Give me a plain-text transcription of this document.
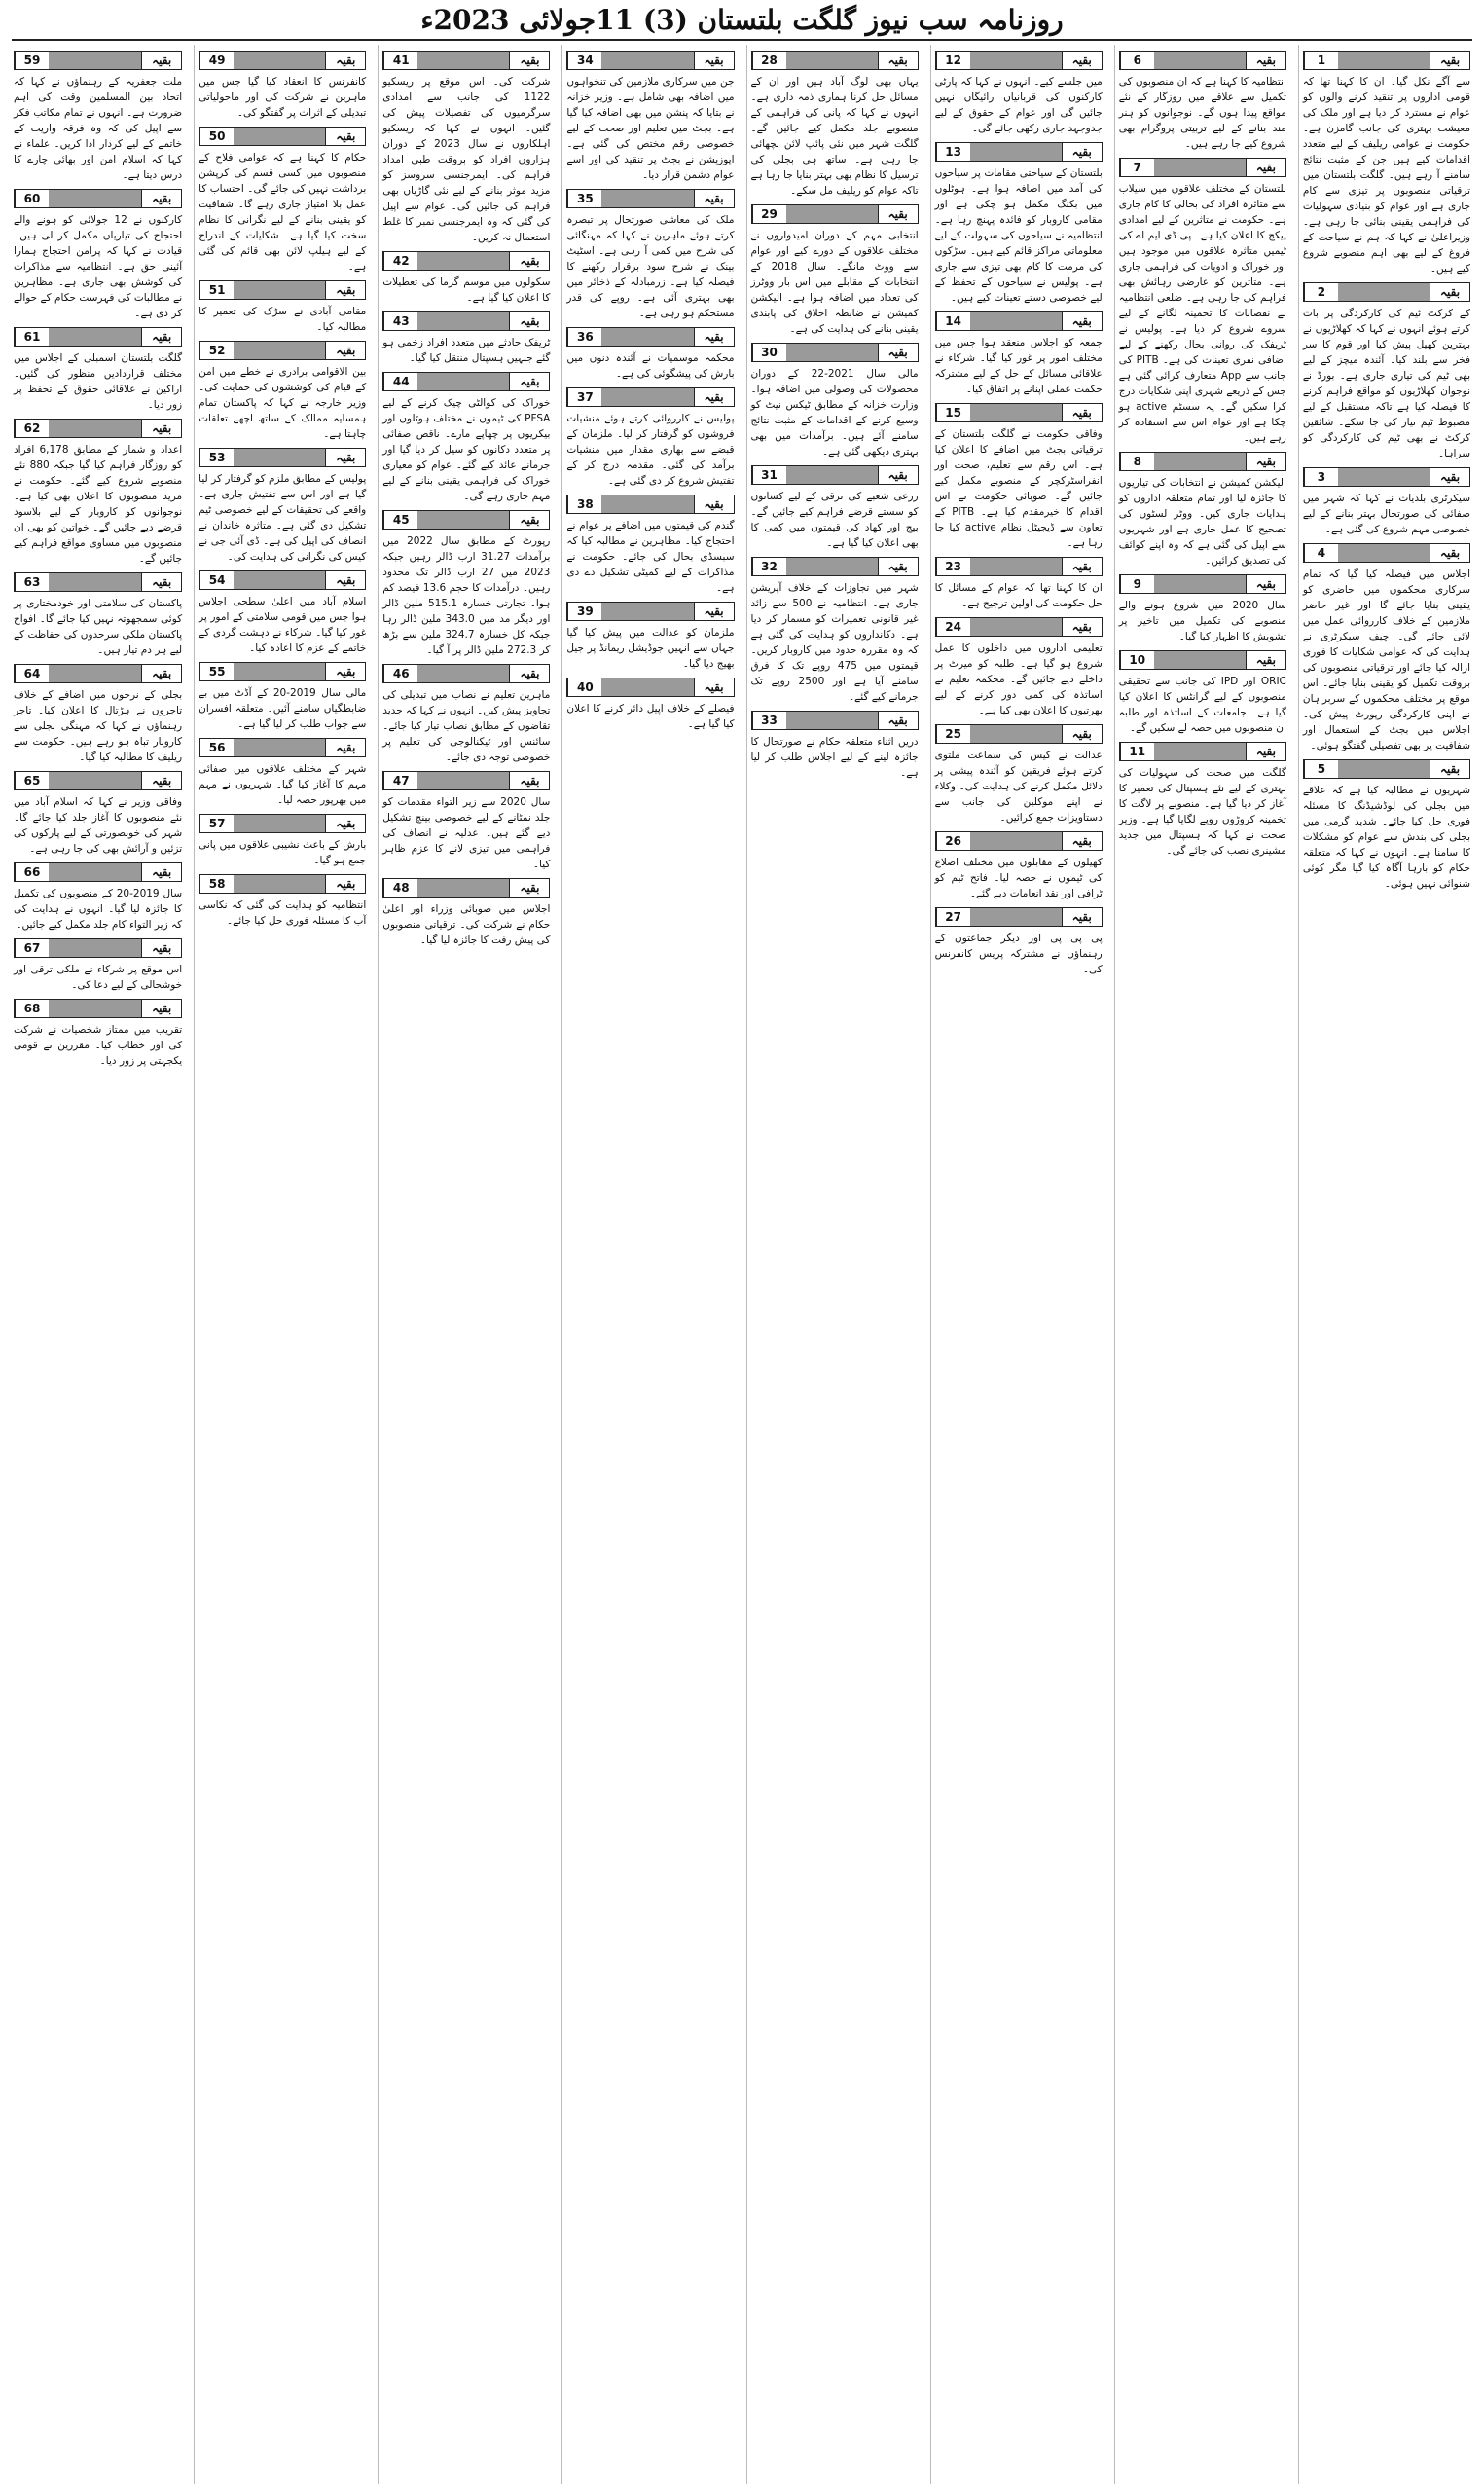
روزنامہ سب نیوز گلگت بلتستان (3) 11جولائی 2023ء
بقیہ
1
سے آگے نکل گیا۔ ان کا کہنا تھا کہ قومی اداروں پر تنقید کرنے والوں کو عوام نے مسترد کر دیا ہے اور ملک کی معیشت بہتری کی جانب گامزن ہے۔ حکومت نے عوامی ریلیف کے لیے متعدد اقدامات کیے ہیں جن کے مثبت نتائج سامنے آ رہے ہیں۔ گلگت بلتستان میں ترقیاتی منصوبوں پر تیزی سے کام جاری ہے اور عوام کو بنیادی سہولیات کی فراہمی یقینی بنائی جا رہی ہے۔ وزیراعلیٰ نے کہا کہ ہم نے سیاحت کے فروغ کے لیے بھی اہم منصوبے شروع کیے ہیں۔
بقیہ
2
کے کرکٹ ٹیم کی کارکردگی پر بات کرتے ہوئے انہوں نے کہا کہ کھلاڑیوں نے بہترین کھیل پیش کیا اور قوم کا سر فخر سے بلند کیا۔ آئندہ میچز کے لیے بھی ٹیم کی تیاری جاری ہے۔ بورڈ نے نوجوان کھلاڑیوں کو مواقع فراہم کرنے کا فیصلہ کیا ہے تاکہ مستقبل کے لیے مضبوط ٹیم تیار کی جا سکے۔ شائقین کرکٹ نے بھی ٹیم کی کارکردگی کو سراہا۔
بقیہ
3
سیکرٹری بلدیات نے کہا کہ شہر میں صفائی کی صورتحال بہتر بنانے کے لیے خصوصی مہم شروع کی گئی ہے۔
بقیہ
4
اجلاس میں فیصلہ کیا گیا کہ تمام سرکاری محکموں میں حاضری کو یقینی بنایا جائے گا اور غیر حاضر ملازمین کے خلاف کارروائی عمل میں لائی جائے گی۔ چیف سیکرٹری نے ہدایت کی کہ عوامی شکایات کا فوری ازالہ کیا جائے اور ترقیاتی منصوبوں کی بروقت تکمیل کو یقینی بنایا جائے۔ اس موقع پر مختلف محکموں کے سربراہان نے اپنی کارکردگی رپورٹ پیش کی۔ اجلاس میں بجٹ کے استعمال اور شفافیت پر بھی تفصیلی گفتگو ہوئی۔
بقیہ
5
شہریوں نے مطالبہ کیا ہے کہ علاقے میں بجلی کی لوڈشیڈنگ کا مسئلہ فوری حل کیا جائے۔ شدید گرمی میں بجلی کی بندش سے عوام کو مشکلات کا سامنا ہے۔ انہوں نے کہا کہ متعلقہ حکام کو بارہا آگاہ کیا گیا مگر کوئی شنوائی نہیں ہوئی۔
بقیہ
6
انتظامیہ کا کہنا ہے کہ ان منصوبوں کی تکمیل سے علاقے میں روزگار کے نئے مواقع پیدا ہوں گے۔ نوجوانوں کو ہنر مند بنانے کے لیے تربیتی پروگرام بھی شروع کیے جا رہے ہیں۔
بقیہ
7
بلتستان کے مختلف علاقوں میں سیلاب سے متاثرہ افراد کی بحالی کا کام جاری ہے۔ حکومت نے متاثرین کے لیے امدادی پیکج کا اعلان کیا ہے۔ پی ڈی ایم اے کی ٹیمیں متاثرہ علاقوں میں موجود ہیں اور خوراک و ادویات کی فراہمی جاری ہے۔ متاثرین کو عارضی رہائش بھی فراہم کی جا رہی ہے۔ ضلعی انتظامیہ نے نقصانات کا تخمینہ لگانے کے لیے سروے شروع کر دیا ہے۔ پولیس نے ٹریفک کی روانی بحال رکھنے کے لیے اضافی نفری تعینات کی ہے۔ PITB کی جانب سے App متعارف کرائی گئی ہے جس کے ذریعے شہری اپنی شکایات درج کرا سکیں گے۔ یہ سسٹم active ہو چکا ہے اور عوام اس سے استفادہ کر رہے ہیں۔
بقیہ
8
الیکشن کمیشن نے انتخابات کی تیاریوں کا جائزہ لیا اور تمام متعلقہ اداروں کو ہدایات جاری کیں۔ ووٹر لسٹوں کی تصحیح کا عمل جاری ہے اور شہریوں سے اپیل کی گئی ہے کہ وہ اپنے کوائف کی تصدیق کرائیں۔
بقیہ
9
سال 2020 میں شروع ہونے والے منصوبے کی تکمیل میں تاخیر پر تشویش کا اظہار کیا گیا۔
بقیہ
10
ORIC اور IPD کی جانب سے تحقیقی منصوبوں کے لیے گرانٹس کا اعلان کیا گیا ہے۔ جامعات کے اساتذہ اور طلبہ ان منصوبوں میں حصہ لے سکیں گے۔
بقیہ
11
گلگت میں صحت کی سہولیات کی بہتری کے لیے نئے ہسپتال کی تعمیر کا آغاز کر دیا گیا ہے۔ منصوبے پر لاگت کا تخمینہ کروڑوں روپے لگایا گیا ہے۔ وزیر صحت نے کہا کہ ہسپتال میں جدید مشینری نصب کی جائے گی۔
بقیہ
12
میں جلسے کیے۔ انہوں نے کہا کہ پارٹی کارکنوں کی قربانیاں رائیگاں نہیں جائیں گی اور عوام کے حقوق کے لیے جدوجہد جاری رکھی جائے گی۔
بقیہ
13
بلتستان کے سیاحتی مقامات پر سیاحوں کی آمد میں اضافہ ہوا ہے۔ ہوٹلوں میں بکنگ مکمل ہو چکی ہے اور مقامی کاروبار کو فائدہ پہنچ رہا ہے۔ انتظامیہ نے سیاحوں کی سہولت کے لیے معلوماتی مراکز قائم کیے ہیں۔ سڑکوں کی مرمت کا کام بھی تیزی سے جاری ہے۔ پولیس نے سیاحوں کے تحفظ کے لیے خصوصی دستے تعینات کیے ہیں۔
بقیہ
14
جمعہ کو اجلاس منعقد ہوا جس میں مختلف امور پر غور کیا گیا۔ شرکاء نے علاقائی مسائل کے حل کے لیے مشترکہ حکمت عملی اپنانے پر اتفاق کیا۔
بقیہ
15
وفاقی حکومت نے گلگت بلتستان کے ترقیاتی بجٹ میں اضافے کا اعلان کیا ہے۔ اس رقم سے تعلیم، صحت اور انفراسٹرکچر کے منصوبے مکمل کیے جائیں گے۔ صوبائی حکومت نے اس اقدام کا خیرمقدم کیا ہے۔ PITB کے تعاون سے ڈیجیٹل نظام active کیا جا رہا ہے۔
بقیہ
23
ان کا کہنا تھا کہ عوام کے مسائل کا حل حکومت کی اولین ترجیح ہے۔
بقیہ
24
تعلیمی اداروں میں داخلوں کا عمل شروع ہو گیا ہے۔ طلبہ کو میرٹ پر داخلے دیے جائیں گے۔ محکمہ تعلیم نے اساتذہ کی کمی دور کرنے کے لیے بھرتیوں کا اعلان بھی کیا ہے۔
بقیہ
25
عدالت نے کیس کی سماعت ملتوی کرتے ہوئے فریقین کو آئندہ پیشی پر دلائل مکمل کرنے کی ہدایت کی۔ وکلاء نے اپنے موکلین کی جانب سے دستاویزات جمع کرائیں۔
بقیہ
26
کھیلوں کے مقابلوں میں مختلف اضلاع کی ٹیموں نے حصہ لیا۔ فاتح ٹیم کو ٹرافی اور نقد انعامات دیے گئے۔
بقیہ
27
پی پی پی اور دیگر جماعتوں کے رہنماؤں نے مشترکہ پریس کانفرنس کی۔
بقیہ
28
یہاں بھی لوگ آباد ہیں اور ان کے مسائل حل کرنا ہماری ذمہ داری ہے۔ انہوں نے کہا کہ پانی کی فراہمی کے منصوبے جلد مکمل کیے جائیں گے۔ گلگت شہر میں نئی پائپ لائن بچھائی جا رہی ہے۔ ساتھ ہی بجلی کی ترسیل کا نظام بھی بہتر بنایا جا رہا ہے تاکہ عوام کو ریلیف مل سکے۔
بقیہ
29
انتخابی مہم کے دوران امیدواروں نے مختلف علاقوں کے دورے کیے اور عوام سے ووٹ مانگے۔ سال 2018 کے انتخابات کے مقابلے میں اس بار ووٹرز کی تعداد میں اضافہ ہوا ہے۔ الیکشن کمیشن نے ضابطہ اخلاق کی پابندی یقینی بنانے کی ہدایت کی ہے۔
بقیہ
30
مالی سال 2021-22 کے دوران محصولات کی وصولی میں اضافہ ہوا۔ وزارت خزانہ کے مطابق ٹیکس نیٹ کو وسیع کرنے کے اقدامات کے مثبت نتائج سامنے آئے ہیں۔ برآمدات میں بھی بہتری دیکھی گئی ہے۔
بقیہ
31
زرعی شعبے کی ترقی کے لیے کسانوں کو سستے قرضے فراہم کیے جائیں گے۔ بیج اور کھاد کی قیمتوں میں کمی کا بھی اعلان کیا گیا ہے۔
بقیہ
32
شہر میں تجاوزات کے خلاف آپریشن جاری ہے۔ انتظامیہ نے 500 سے زائد غیر قانونی تعمیرات کو مسمار کر دیا ہے۔ دکانداروں کو ہدایت کی گئی ہے کہ وہ مقررہ حدود میں کاروبار کریں۔ قیمتوں میں 475 روپے تک کا فرق سامنے آیا ہے اور 2500 روپے تک جرمانے کیے گئے۔
بقیہ
33
دریں اثناء متعلقہ حکام نے صورتحال کا جائزہ لینے کے لیے اجلاس طلب کر لیا ہے۔
بقیہ
34
جن میں سرکاری ملازمین کی تنخواہوں میں اضافہ بھی شامل ہے۔ وزیر خزانہ نے بتایا کہ پنشن میں بھی اضافہ کیا گیا ہے۔ بجٹ میں تعلیم اور صحت کے لیے خصوصی رقم مختص کی گئی ہے۔ اپوزیشن نے بجٹ پر تنقید کی اور اسے عوام دشمن قرار دیا۔
بقیہ
35
ملک کی معاشی صورتحال پر تبصرہ کرتے ہوئے ماہرین نے کہا کہ مہنگائی کی شرح میں کمی آ رہی ہے۔ اسٹیٹ بینک نے شرح سود برقرار رکھنے کا فیصلہ کیا ہے۔ زرمبادلہ کے ذخائر میں بھی بہتری آئی ہے۔ روپے کی قدر مستحکم ہو رہی ہے۔
بقیہ
36
محکمہ موسمیات نے آئندہ دنوں میں بارش کی پیشگوئی کی ہے۔
بقیہ
37
پولیس نے کارروائی کرتے ہوئے منشیات فروشوں کو گرفتار کر لیا۔ ملزمان کے قبضے سے بھاری مقدار میں منشیات برآمد کی گئی۔ مقدمہ درج کر کے تفتیش شروع کر دی گئی ہے۔
بقیہ
38
گندم کی قیمتوں میں اضافے پر عوام نے احتجاج کیا۔ مظاہرین نے مطالبہ کیا کہ سبسڈی بحال کی جائے۔ حکومت نے مذاکرات کے لیے کمیٹی تشکیل دے دی ہے۔
بقیہ
39
ملزمان کو عدالت میں پیش کیا گیا جہاں سے انہیں جوڈیشل ریمانڈ پر جیل بھیج دیا گیا۔
بقیہ
40
فیصلے کے خلاف اپیل دائر کرنے کا اعلان کیا گیا ہے۔
بقیہ
41
شرکت کی۔ اس موقع پر ریسکیو 1122 کی جانب سے امدادی سرگرمیوں کی تفصیلات پیش کی گئیں۔ انہوں نے کہا کہ ریسکیو اہلکاروں نے سال 2023 کے دوران ہزاروں افراد کو بروقت طبی امداد فراہم کی۔ ایمرجنسی سروسز کو مزید موثر بنانے کے لیے نئی گاڑیاں بھی فراہم کی جائیں گی۔ عوام سے اپیل کی گئی کہ وہ ایمرجنسی نمبر کا غلط استعمال نہ کریں۔
بقیہ
42
سکولوں میں موسم گرما کی تعطیلات کا اعلان کیا گیا ہے۔
بقیہ
43
ٹریفک حادثے میں متعدد افراد زخمی ہو گئے جنہیں ہسپتال منتقل کیا گیا۔
بقیہ
44
خوراک کی کوالٹی چیک کرنے کے لیے PFSA کی ٹیموں نے مختلف ہوٹلوں اور بیکریوں پر چھاپے مارے۔ ناقص صفائی پر متعدد دکانوں کو سیل کر دیا گیا اور جرمانے عائد کیے گئے۔ عوام کو معیاری خوراک کی فراہمی یقینی بنانے کے لیے مہم جاری رہے گی۔
بقیہ
45
رپورٹ کے مطابق سال 2022 میں برآمدات 31.27 ارب ڈالر رہیں جبکہ 2023 میں 27 ارب ڈالر تک محدود رہیں۔ درآمدات کا حجم 13.6 فیصد کم ہوا۔ تجارتی خسارہ 515.1 ملین ڈالر اور دیگر مد میں 343.0 ملین ڈالر رہا جبکہ کل خسارہ 324.7 ملین سے بڑھ کر 272.3 ملین ڈالر پر آ گیا۔
بقیہ
46
ماہرین تعلیم نے نصاب میں تبدیلی کی تجاویز پیش کیں۔ انہوں نے کہا کہ جدید تقاضوں کے مطابق نصاب تیار کیا جائے۔ سائنس اور ٹیکنالوجی کی تعلیم پر خصوصی توجہ دی جائے۔
بقیہ
47
سال 2020 سے زیر التواء مقدمات کو جلد نمٹانے کے لیے خصوصی بینچ تشکیل دیے گئے ہیں۔ عدلیہ نے انصاف کی فراہمی میں تیزی لانے کا عزم ظاہر کیا۔
بقیہ
48
اجلاس میں صوبائی وزراء اور اعلیٰ حکام نے شرکت کی۔ ترقیاتی منصوبوں کی پیش رفت کا جائزہ لیا گیا۔
بقیہ
49
کانفرنس کا انعقاد کیا گیا جس میں ماہرین نے شرکت کی اور ماحولیاتی تبدیلی کے اثرات پر گفتگو کی۔
بقیہ
50
حکام کا کہنا ہے کہ عوامی فلاح کے منصوبوں میں کسی قسم کی کرپشن برداشت نہیں کی جائے گی۔ احتساب کا عمل بلا امتیاز جاری رہے گا۔ شفافیت کو یقینی بنانے کے لیے نگرانی کا نظام سخت کیا گیا ہے۔ شکایات کے اندراج کے لیے ہیلپ لائن بھی قائم کی گئی ہے۔
بقیہ
51
مقامی آبادی نے سڑک کی تعمیر کا مطالبہ کیا۔
بقیہ
52
بین الاقوامی برادری نے خطے میں امن کے قیام کی کوششوں کی حمایت کی۔ وزیر خارجہ نے کہا کہ پاکستان تمام ہمسایہ ممالک کے ساتھ اچھے تعلقات چاہتا ہے۔
بقیہ
53
پولیس کے مطابق ملزم کو گرفتار کر لیا گیا ہے اور اس سے تفتیش جاری ہے۔ واقعے کی تحقیقات کے لیے خصوصی ٹیم تشکیل دی گئی ہے۔ متاثرہ خاندان نے انصاف کی اپیل کی ہے۔ ڈی آئی جی نے کیس کی نگرانی کی ہدایت کی۔
بقیہ
54
اسلام آباد میں اعلیٰ سطحی اجلاس ہوا جس میں قومی سلامتی کے امور پر غور کیا گیا۔ شرکاء نے دہشت گردی کے خاتمے کے عزم کا اعادہ کیا۔
بقیہ
55
مالی سال 2019-20 کے آڈٹ میں بے ضابطگیاں سامنے آئیں۔ متعلقہ افسران سے جواب طلب کر لیا گیا ہے۔
بقیہ
56
شہر کے مختلف علاقوں میں صفائی مہم کا آغاز کیا گیا۔ شہریوں نے مہم میں بھرپور حصہ لیا۔
بقیہ
57
بارش کے باعث نشیبی علاقوں میں پانی جمع ہو گیا۔
بقیہ
58
انتظامیہ کو ہدایت کی گئی کہ نکاسی آب کا مسئلہ فوری حل کیا جائے۔
بقیہ
59
ملت جعفریہ کے رہنماؤں نے کہا کہ اتحاد بین المسلمین وقت کی اہم ضرورت ہے۔ انہوں نے تمام مکاتب فکر سے اپیل کی کہ وہ فرقہ واریت کے خاتمے کے لیے کردار ادا کریں۔ علماء نے کہا کہ اسلام امن اور بھائی چارے کا درس دیتا ہے۔
بقیہ
60
کارکنوں نے 12 جولائی کو ہونے والے احتجاج کی تیاریاں مکمل کر لی ہیں۔ قیادت نے کہا کہ پرامن احتجاج ہمارا آئینی حق ہے۔ انتظامیہ سے مذاکرات کی کوشش بھی جاری ہے۔ مظاہرین نے مطالبات کی فہرست حکام کے حوالے کر دی ہے۔
بقیہ
61
گلگت بلتستان اسمبلی کے اجلاس میں مختلف قراردادیں منظور کی گئیں۔ اراکین نے علاقائی حقوق کے تحفظ پر زور دیا۔
بقیہ
62
اعداد و شمار کے مطابق 6,178 افراد کو روزگار فراہم کیا گیا جبکہ 880 نئے منصوبے شروع کیے گئے۔ حکومت نے مزید منصوبوں کا اعلان بھی کیا ہے۔ نوجوانوں کو کاروبار کے لیے بلاسود قرضے دیے جائیں گے۔ خواتین کو بھی ان منصوبوں میں مساوی مواقع فراہم کیے جائیں گے۔
بقیہ
63
پاکستان کی سلامتی اور خودمختاری پر کوئی سمجھوتہ نہیں کیا جائے گا۔ افواج پاکستان ملکی سرحدوں کی حفاظت کے لیے ہر دم تیار ہیں۔
بقیہ
64
بجلی کے نرخوں میں اضافے کے خلاف تاجروں نے ہڑتال کا اعلان کیا۔ تاجر رہنماؤں نے کہا کہ مہنگی بجلی سے کاروبار تباہ ہو رہے ہیں۔ حکومت سے ریلیف کا مطالبہ کیا گیا۔
بقیہ
65
وفاقی وزیر نے کہا کہ اسلام آباد میں نئے منصوبوں کا آغاز جلد کیا جائے گا۔ شہر کی خوبصورتی کے لیے پارکوں کی تزئین و آرائش بھی کی جا رہی ہے۔
بقیہ
66
سال 2019-20 کے منصوبوں کی تکمیل کا جائزہ لیا گیا۔ انہوں نے ہدایت کی کہ زیر التواء کام جلد مکمل کیے جائیں۔
بقیہ
67
اس موقع پر شرکاء نے ملکی ترقی اور خوشحالی کے لیے دعا کی۔
بقیہ
68
تقریب میں ممتاز شخصیات نے شرکت کی اور خطاب کیا۔ مقررین نے قومی یکجہتی پر زور دیا۔
